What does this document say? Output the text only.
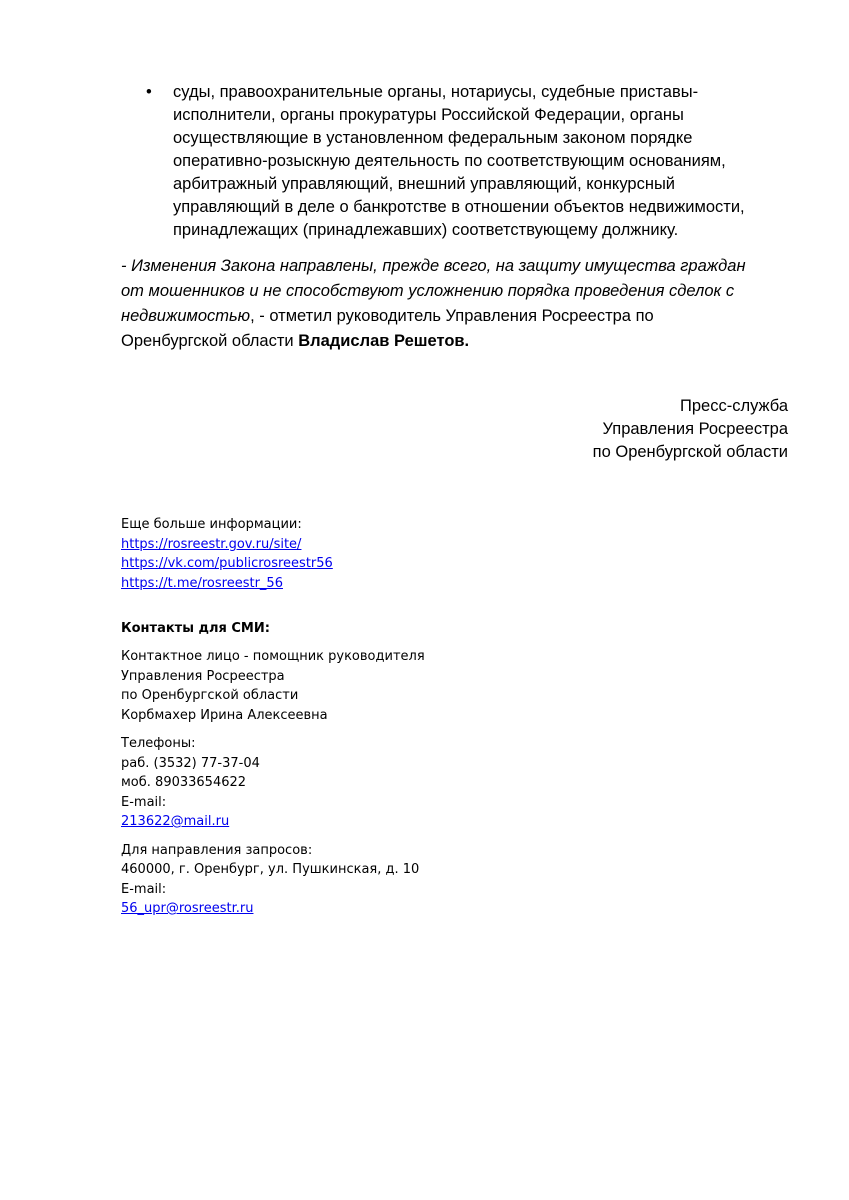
•	суды, правоохранительные органы, нотариусы, судебные приставы-
исполнители, органы прокуратуры Российской Федерации, органы
осуществляющие в установленном федеральным законом порядке
оперативно-розыскную деятельность по соответствующим основаниям,
арбитражный управляющий, внешний управляющий, конкурсный
управляющий в деле о банкротстве в отношении объектов недвижимости,
принадлежащих (принадлежавших) соответствующему должнику.
- Изменения Закона направлены, прежде всего, на защиту имущества граждан
от мошенников и не способствуют усложнению порядка проведения сделок с
недвижимостью, - отметил руководитель Управления Росреестра по
Оренбургской области Владислав Решетов.
Пресс-служба
Управления Росреестра
по Оренбургской области
Еще больше информации:
https://rosreestr.gov.ru/site/
https://vk.com/publicrosreestr56
https://t.me/rosreestr_56
Контакты для СМИ:
Контактное лицо - помощник руководителя
Управления Росреестра
по Оренбургской области
Корбмахер Ирина Алексеевна
Телефоны:
раб. (3532) 77-37-04
моб. 89033654622
E-mail:
213622@mail.ru
Для направления запросов:
460000, г. Оренбург, ул. Пушкинская, д. 10
E-mail:
56_upr@rosreestr.ru
